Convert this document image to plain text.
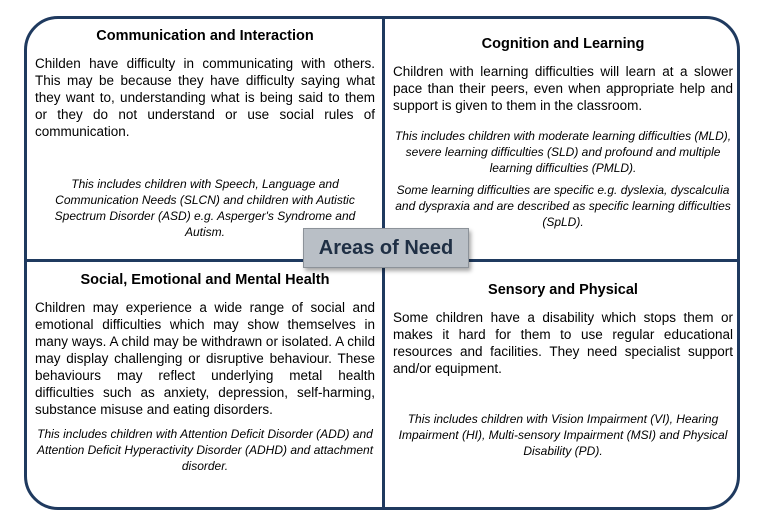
Communication and Interaction

Childen have difficulty in communicating with others. This may be because they have difficulty saying what they want to, understanding what is being said to them or they do not understand or use social rules of communication.

This includes children with Speech, Language and Communication Needs (SLCN) and children with Autistic Spectrum Disorder (ASD) e.g. Asperger's Syndrome and Autism.

Cognition and Learning

Children with learning difficulties will learn at a slower pace than their peers, even when appropriate help and support is given to them in the classroom.

This includes children with moderate learning difficulties (MLD), severe learning difficulties (SLD) and profound and multiple learning difficulties (PMLD).

Some learning difficulties are specific e.g. dyslexia, dyscalculia and dyspraxia and are described as specific learning difficulties (SpLD).

Social, Emotional and Mental Health

Children may experience a wide range of social and emotional difficulties which may show themselves in many ways. A child may be withdrawn or isolated. A child may display challenging or disruptive behaviour. These behaviours may reflect underlying metal health difficulties such as anxiety, depression, self-harming, substance misuse and eating disorders.

This includes children with Attention Deficit Disorder (ADD) and Attention Deficit Hyperactivity Disorder (ADHD) and attachment disorder.

Sensory and Physical

Some children have a disability which stops them or makes it hard for them to use regular educational resources and facilities. They need specialist support and/or equipment.

This includes children with Vision Impairment (VI), Hearing Impairment (HI), Multi-sensory Impairment (MSI) and Physical Disability (PD).

Areas of Need
